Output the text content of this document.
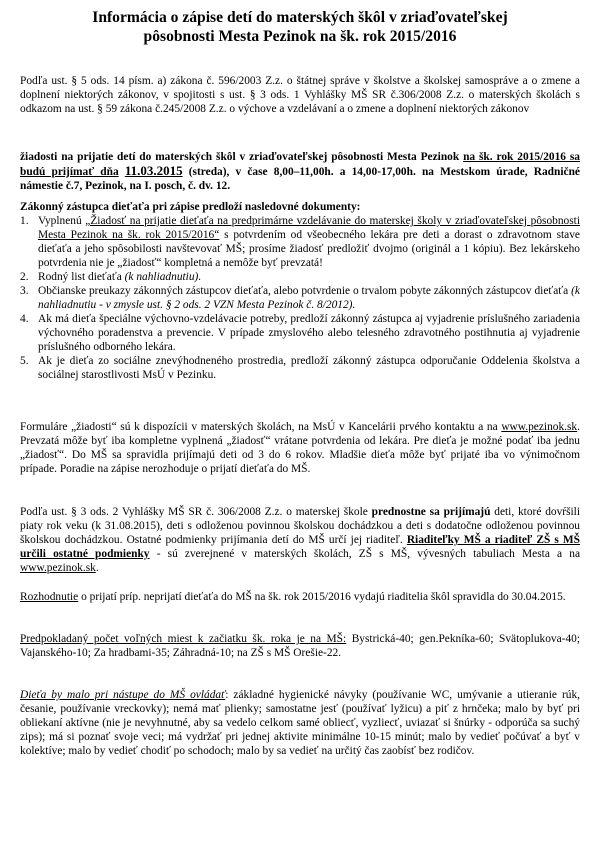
Informácia o zápise detí do materských škôl v zriaďovateľskej
pôsobnosti Mesta Pezinok na šk. rok 2015/2016

Podľa ust. § 5 ods. 14 písm. a) zákona č. 596/2003 Z.z. o štátnej správe v školstve a školskej samospráve a o zmene a doplnení niektorých zákonov, v spojitosti s ust. § 3 ods. 1 Vyhlášky MŠ SR č.306/2008 Z.z. o materských školách s odkazom na ust. § 59 zákona č.245/2008 Z.z. o výchove a vzdelávaní a o zmene a doplnení niektorých zákonov

žiadosti na prijatie detí do materských škôl v zriaďovateľskej pôsobnosti Mesta Pezinok na šk. rok 2015/2016 sa budú prijímať dňa 11.03.2015 (streda), v čase 8,00–11,00h. a 14,00-17,00h. na Mestskom úrade, Radničné námestie č.7, Pezinok, na I. posch, č. dv. 12.

Zákonný zástupca dieťaťa pri zápise predloží nasledovné dokumenty:

1. Vyplnenú „Žiadosť na prijatie dieťaťa na predprimárne vzdelávanie do materskej školy v zriaďovateľskej pôsobnosti Mesta Pezinok na šk. rok 2015/2016“ s potvrdením od všeobecného lekára pre deti a dorast o zdravotnom stave dieťaťa a jeho spôsobilosti navštevovať MŠ; prosíme žiadosť predložiť dvojmo (originál a 1 kópiu). Bez lekárskeho potvrdenia nie je „žiadosť“ kompletná a nemôže byť prevzatá!
2. Rodný list dieťaťa (k nahliadnutiu).
3. Občianske preukazy zákonných zástupcov dieťaťa, alebo potvrdenie o trvalom pobyte zákonných zástupcov dieťaťa (k nahliadnutiu - v zmysle ust. § 2 ods. 2 VZN Mesta Pezinok č. 8/2012).
4. Ak má dieťa špeciálne výchovno-vzdelávacie potreby, predloží zákonný zástupca aj vyjadrenie príslušného zariadenia výchovného poradenstva a prevencie. V prípade zmyslového alebo telesného zdravotného postihnutia aj vyjadrenie príslušného odborného lekára.
5. Ak je dieťa zo sociálne znevýhodneného prostredia, predloží zákonný zástupca odporučanie Oddelenia školstva a sociálnej starostlivosti MsÚ v Pezinku.

Formuláre „žiadosti“ sú k dispozícii v materských školách, na MsÚ v Kancelárii prvého kontaktu a na www.pezinok.sk. Prevzatá môže byť iba kompletne vyplnená „žiadosť“ vrátane potvrdenia od lekára. Pre dieťa je možné podať iba jednu „žiadosť“. Do MŠ sa spravidla prijímajú deti od 3 do 6 rokov. Mladšie dieťa môže byť prijaté iba vo výnimočnom prípade. Poradie na zápise nerozhoduje o prijatí dieťaťa do MŠ.

Podľa ust. § 3 ods. 2 Vyhlášky MŠ SR č. 306/2008 Z.z. o materskej škole prednostne sa prijímajú deti, ktoré dovŕšili piaty rok veku (k 31.08.2015), deti s odloženou povinnou školskou dochádzkou a deti s dodatočne odloženou povinnou školskou dochádzkou. Ostatné podmienky prijímania detí do MŠ určí jej riaditeľ. Riaditeľky MŠ a riaditeľ ZŠ s MŠ určili ostatné podmienky - sú zverejnené v materských školách, ZŠ s MŠ, vývesných tabuliach Mesta a na www.pezinok.sk.

Rozhodnutie o prijatí príp. neprijatí dieťaťa do MŠ na šk. rok 2015/2016 vydajú riaditelia škôl spravidla do 30.04.2015.

Predpokladaný počet voľných miest k začiatku šk. roka je na MŠ: Bystrická-40; gen.Pekníka-60; Svätoplukova-40; Vajanského-10; Za hradbami-35; Záhradná-10; na ZŠ s MŠ Orešie-22.

Dieťa by malo pri nástupe do MŠ ovládať: základné hygienické návyky (používanie WC, umývanie a utieranie rúk, česanie, používanie vreckovky); nemá mať plienky; samostatne jesť (používať lyžicu) a piť z hrnčeka; malo by byť pri obliekaní aktívne (nie je nevyhnutné, aby sa vedelo celkom samé obliecť, vyzliecť, uviazať si šnúrky - odporúča sa suchý zips); má si poznať svoje veci; má vydržať pri jednej aktivite minimálne 10-15 minút; malo by vedieť počúvať a byť v kolektíve; malo by vedieť chodiť po schodoch; malo by sa vedieť na určitý čas zaobísť bez rodičov.
